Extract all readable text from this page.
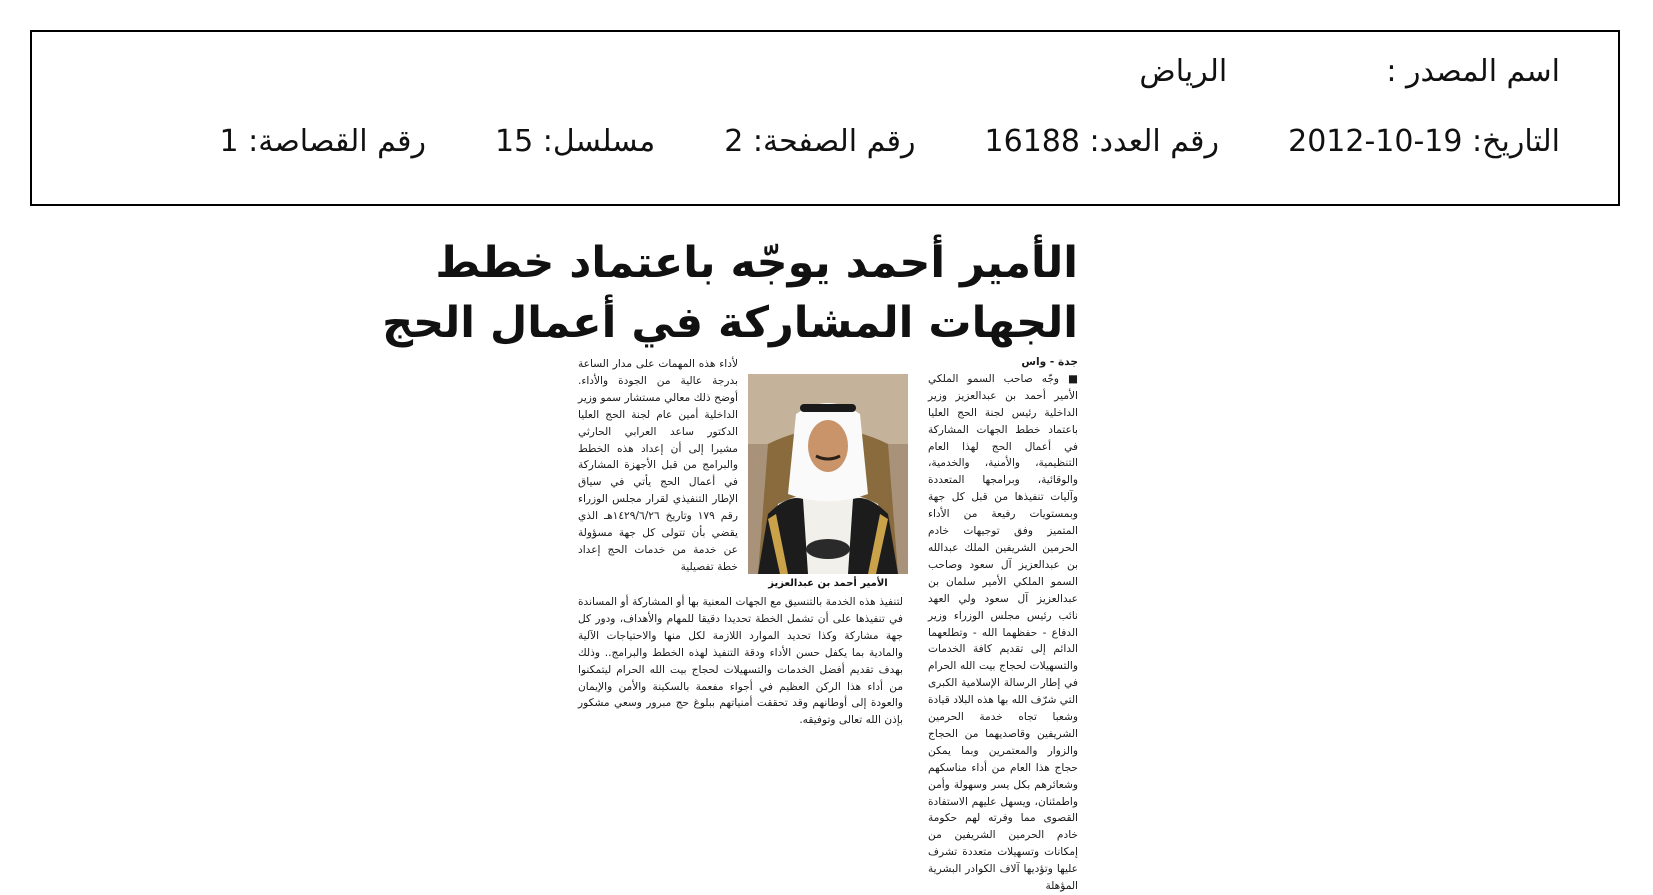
اسم المصدر :  الرياض
التاريخ: 2012-10-19  رقم العدد: 16188  رقم الصفحة: 2  مسلسل: 15  رقم القصاصة: 1
الأمير أحمد يوجّه باعتماد خطط
الجهات المشاركة في أعمال الحج

جدة - واس

■ وجّه صاحب السمو الملكي الأمير أحمد بن عبدالعزيز وزير الداخلية رئيس لجنة الحج العليا باعتماد خطط الجهات المشاركة في أعمال الحج لهذا العام التنظيمية، والأمنية، والخدمية، والوقائية، وبرامجها المتعددة وآليات تنفيذها من قبل كل جهة وبمستويات رفيعة من الأداء المتميز وفق توجيهات خادم الحرمين الشريفين الملك عبدالله بن عبدالعزيز آل سعود وصاحب السمو الملكي الأمير سلمان بن عبدالعزيز آل سعود ولي العهد نائب رئيس مجلس الوزراء وزير الدفاع - حفظهما الله - وتطلعهما الدائم إلى تقديم كافة الخدمات والتسهيلات لحجاج بيت الله الحرام في إطار الرسالة الإسلامية الكبرى التي شرّف الله بها هذه البلاد قيادة وشعبا تجاه خدمة الحرمين الشريفين وقاصديهما من الحجاج والزوار والمعتمرين وبما يمكن حجاج هذا العام من أداء مناسكهم وشعائرهم بكل يسر وسهولة وأمن واطمئنان، ويسهل عليهم الاستفادة القصوى مما وفرته لهم حكومة خادم الحرمين الشريفين من إمكانات وتسهيلات متعددة تشرف عليها وتؤديها آلاف الكوادر البشرية المؤهلة

الأمير أحمد بن عبدالعزيز
لأداء هذه المهمات على مدار الساعة بدرجة عالية من الجودة والأداء. أوضح ذلك معالي مستشار سمو وزير الداخلية أمين عام لجنة الحج العليا الدكتور ساعد العرابي الحارثي مشيرا إلى أن إعداد هذه الخطط والبرامج من قبل الأجهزة المشاركة في أعمال الحج يأتي في سياق الإطار التنفيذي لقرار مجلس الوزراء رقم ١٧٩ وتاريخ ١٤٢٩/٦/٢٦هـ الذي يقضي بأن تتولى كل جهة مسؤولة عن خدمة من خدمات الحج إعداد خطة تفصيلية
لتنفيذ هذه الخدمة بالتنسيق مع الجهات المعنية بها أو المشاركة أو المساندة في تنفيذها على أن تشمل الخطة تحديدا دقيقا للمهام والأهداف، ودور كل جهة مشاركة وكذا تحديد الموارد اللازمة لكل منها والاحتياجات الآلية والمادية بما يكفل حسن الأداء ودقة التنفيذ لهذه الخطط والبرامج.. وذلك بهدف تقديم أفضل الخدمات والتسهيلات لحجاج بيت الله الحرام ليتمكنوا من أداء هذا الركن العظيم في أجواء مفعمة بالسكينة والأمن والإيمان والعودة إلى أوطانهم وقد تحققت أمنياتهم ببلوغ حج مبرور وسعي مشكور بإذن الله تعالى وتوفيقه.
